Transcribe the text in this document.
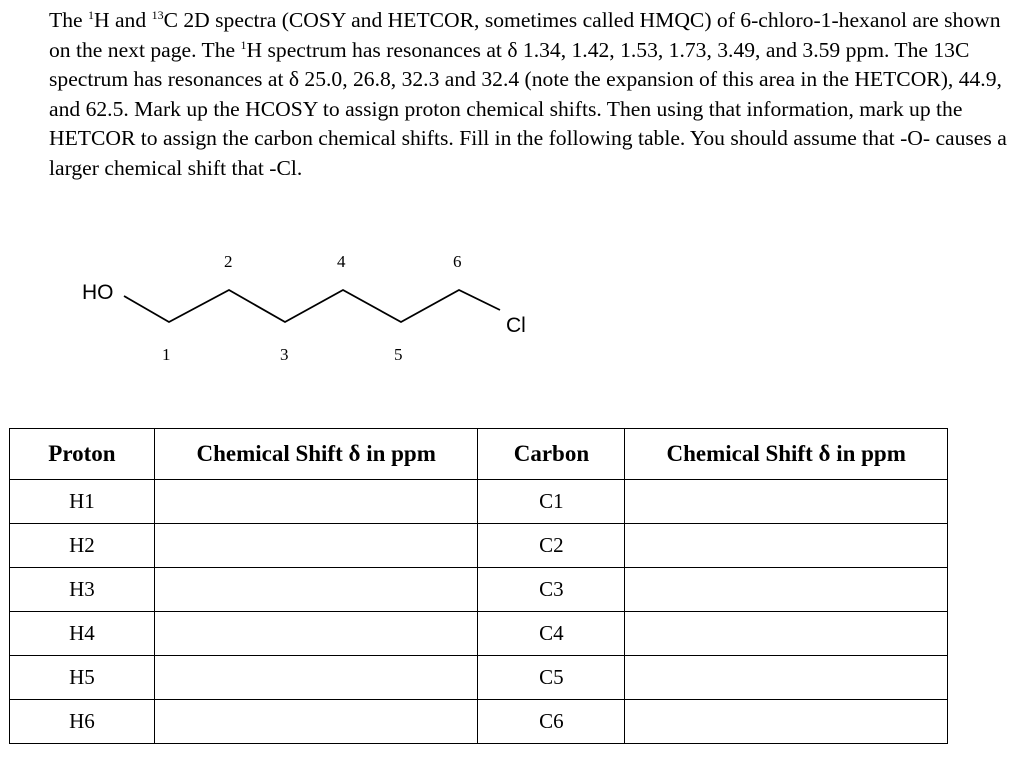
The $^1$H and $^{13}$C 2D spectra (COSY and HETCOR, sometimes called HMQC) of 6-chloro-1-hexanol are shown on the next page. The $^1$H spectrum has resonances at δ 1.34, 1.42, 1.53, 1.73, 3.49, and 3.59 ppm. The 13C spectrum has resonances at δ 25.0, 26.8, 32.3 and 32.4 (note the expansion of this area in the HETCOR), 44.9, and 62.5. Mark up the HCOSY to assign proton chemical shifts. Then using that information, mark up the HETCOR to assign the carbon chemical shifts. Fill in the following table. You should assume that -O- causes a larger chemical shift that -Cl.

HO
Cl
1
2
3
4
5
6
Proton	Chemical Shift δ in ppm	Carbon	Chemical Shift δ in ppm
H1		C1	
H2		C2	
H3		C3	
H4		C4	
H5		C5	
H6		C6	
